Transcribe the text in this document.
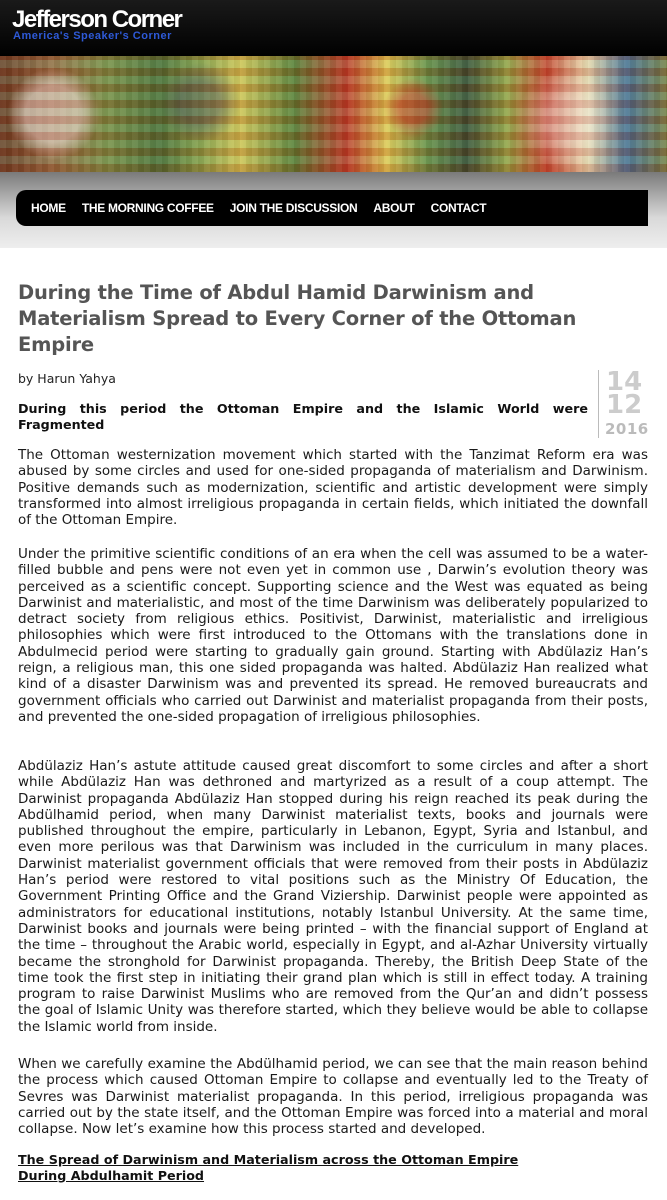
Jefferson Corner
America's Speaker's Corner
HOME THE MORNING COFFEE JOIN THE DISCUSSION ABOUT CONTACT
During the Time of Abdul Hamid Darwinism and Materialism Spread to Every Corner of the Ottoman Empire
by Harun Yahya	14
12
2016
During this period the Ottoman Empire and the Islamic World were Fragmented

The Ottoman westernization movement which started with the Tanzimat Reform era was abused by some circles and used for one-sided propaganda of materialism and Darwinism. Positive demands such as modernization, scientific and artistic development were simply transformed into almost irreligious propaganda in certain fields, which initiated the downfall of the Ottoman Empire.

Under the primitive scientific conditions of an era when the cell was assumed to be a water-filled bubble and pens were not even yet in common use , Darwin’s evolution theory was perceived as a scientific concept. Supporting science and the West was equated as being Darwinist and materialistic, and most of the time Darwinism was deliberately popularized to detract society from religious ethics. Positivist, Darwinist, materialistic and irreligious philosophies which were first introduced to the Ottomans with the translations done in Abdulmecid period were starting to gradually gain ground. Starting with Abdülaziz Han’s reign, a religious man, this one sided propaganda was halted. Abdülaziz Han realized what kind of a disaster Darwinism was and prevented its spread. He removed bureaucrats and government officials who carried out Darwinist and materialist propaganda from their posts, and prevented the one-sided propagation of irreligious philosophies.

Abdülaziz Han’s astute attitude caused great discomfort to some circles and after a short while Abdülaziz Han was dethroned and martyrized as a result of a coup attempt. The Darwinist propaganda Abdülaziz Han stopped during his reign reached its peak during the Abdülhamid period, when many Darwinist materialist texts, books and journals were published throughout the empire, particularly in Lebanon, Egypt, Syria and Istanbul, and even more perilous was that Darwinism was included in the curriculum in many places. Darwinist materialist government officials that were removed from their posts in Abdülaziz Han’s period were restored to vital positions such as the Ministry Of Education, the Government Printing Office and the Grand Viziership. Darwinist people were appointed as administrators for educational institutions, notably Istanbul University. At the same time, Darwinist books and journals were being printed – with the financial support of England at the time – throughout the Arabic world, especially in Egypt, and al-Azhar University virtually became the stronghold for Darwinist propaganda. Thereby, the British Deep State of the time took the first step in initiating their grand plan which is still in effect today. A training program to raise Darwinist Muslims who are removed from the Qur’an and didn’t possess the goal of Islamic Unity was therefore started, which they believe would be able to collapse the Islamic world from inside.

When we carefully examine the Abdülhamid period, we can see that the main reason behind the process which caused Ottoman Empire to collapse and eventually led to the Treaty of Sevres was Darwinist materialist propaganda. In this period, irreligious propaganda was carried out by the state itself, and the Ottoman Empire was forced into a material and moral collapse. Now let’s examine how this process started and developed.

The Spread of Darwinism and Materialism across the Ottoman Empire
During Abdulhamit Period
